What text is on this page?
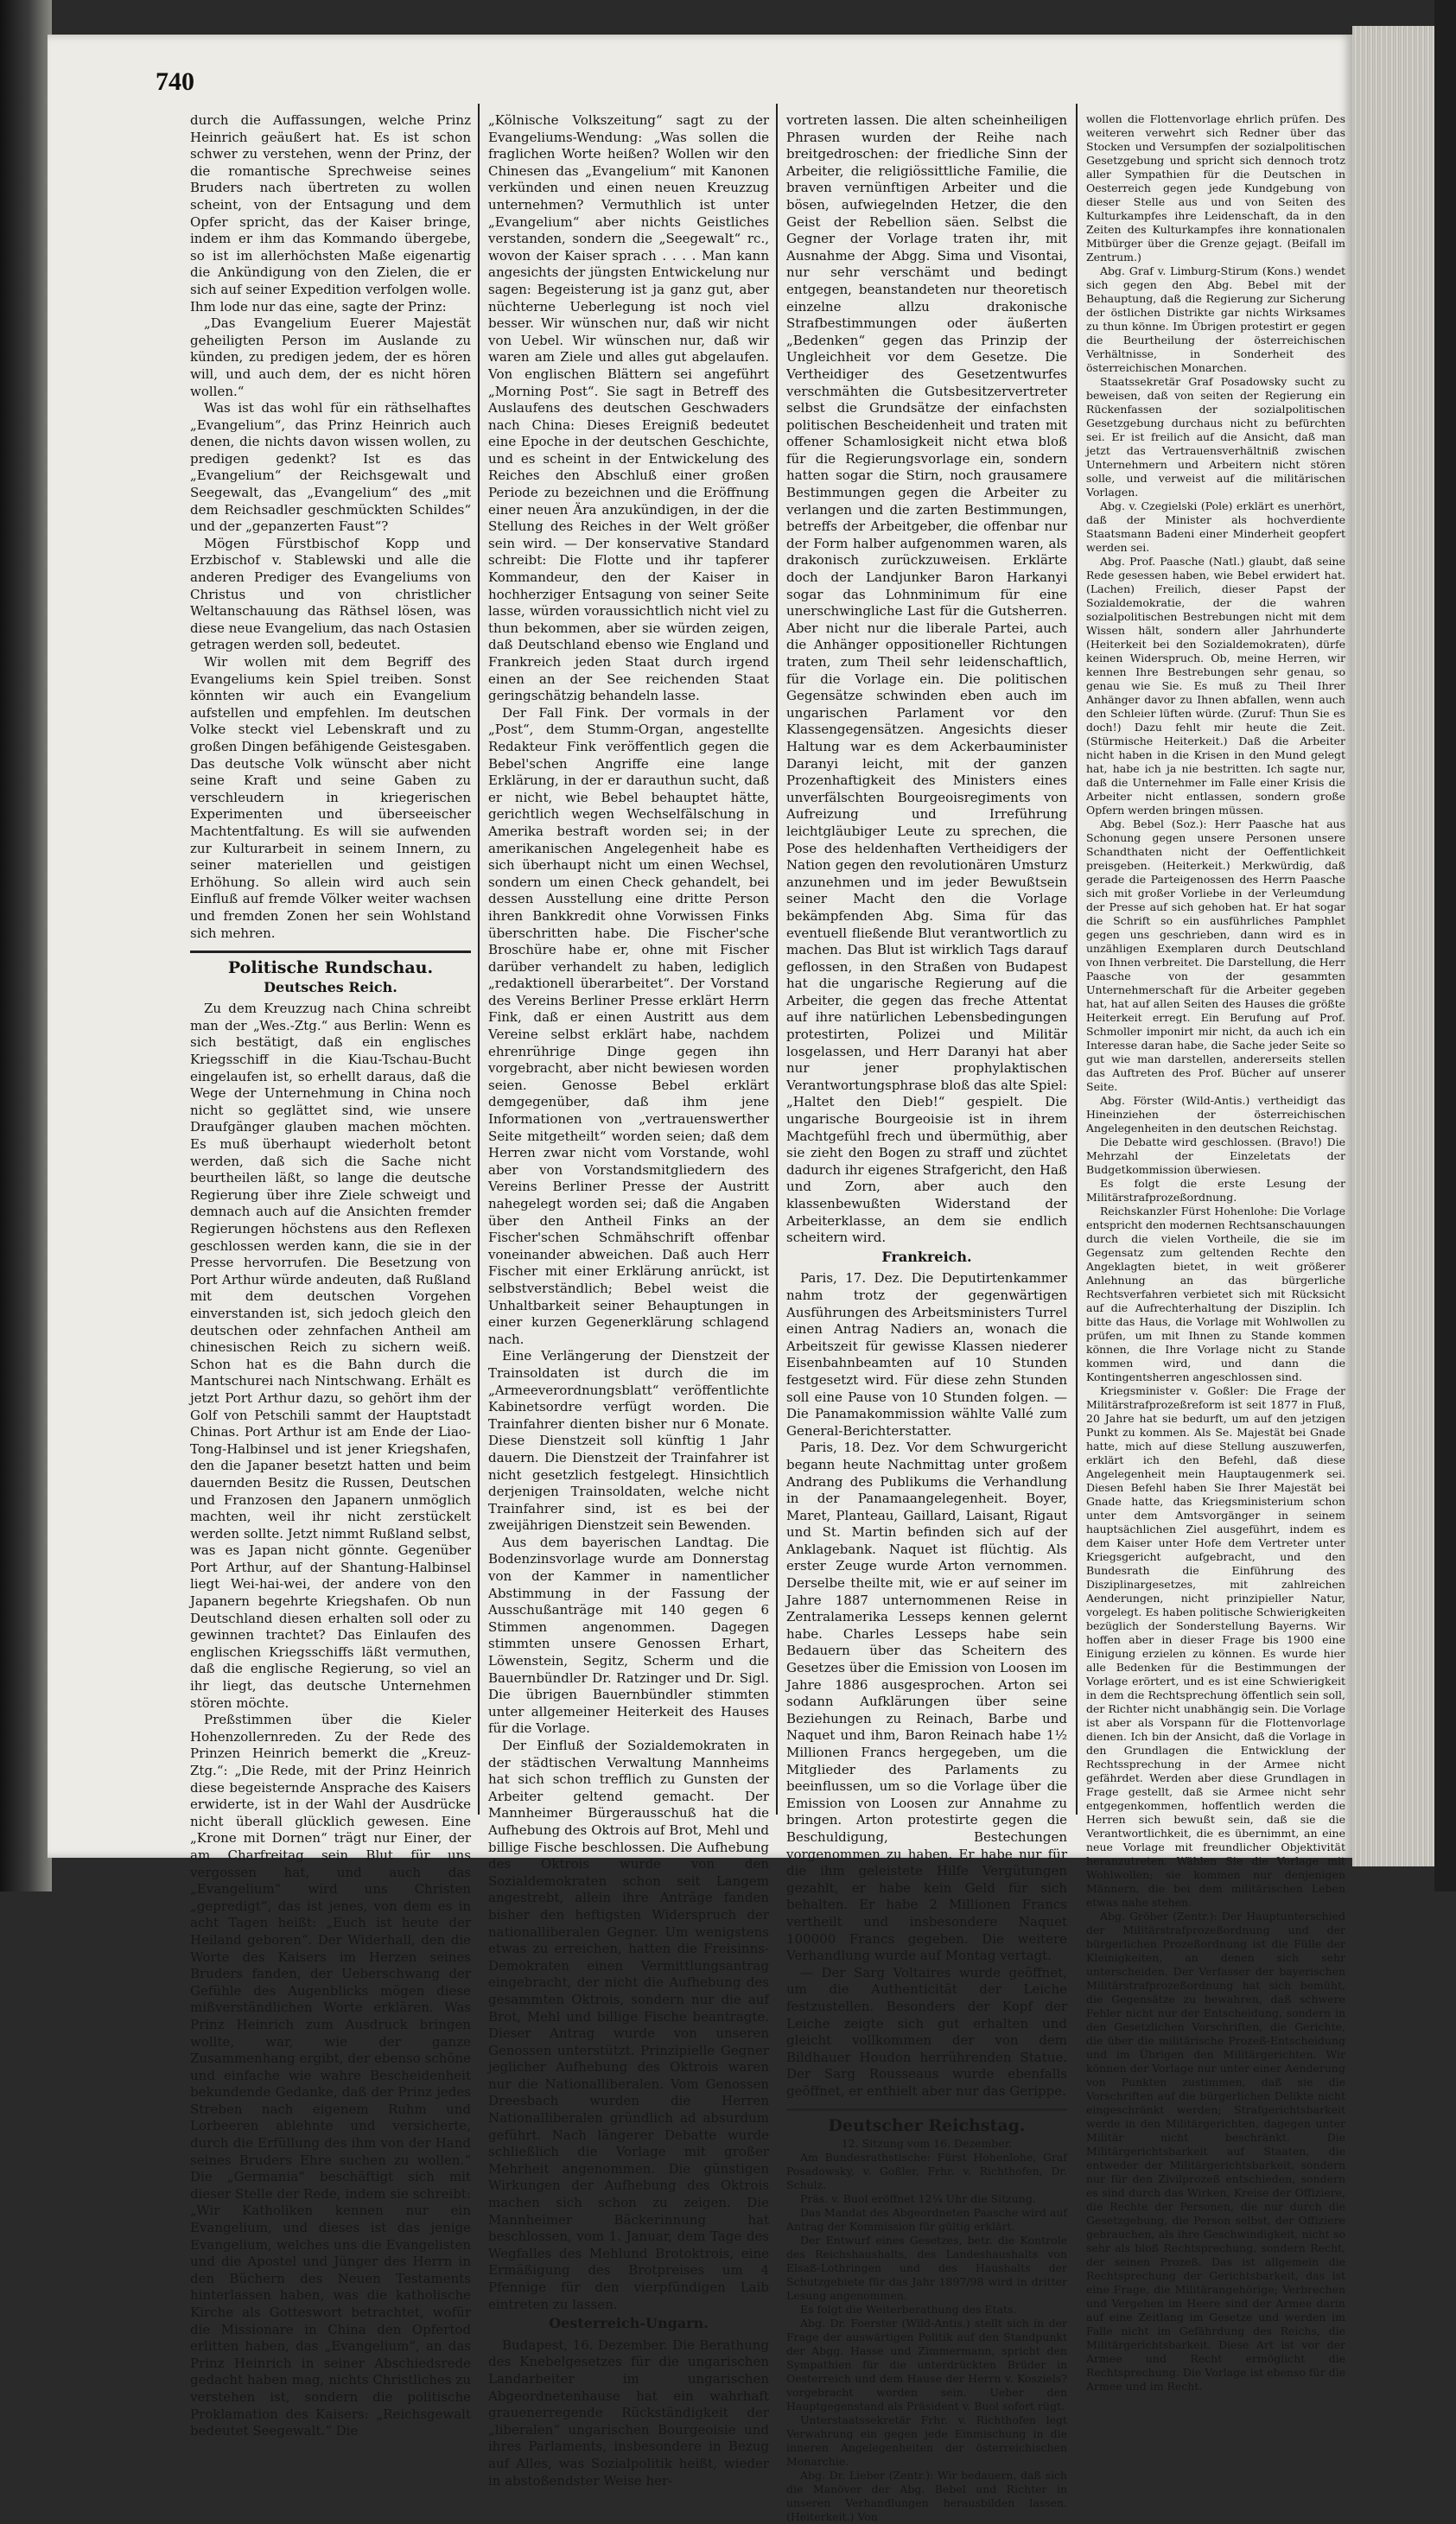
740

durch die Auffassungen, welche Prinz Heinrich geäußert hat. Es ist schon schwer zu verstehen, wenn der Prinz, der die romantische Sprechweise seines Bruders nach übertreten zu wollen scheint, von der Entsagung und dem Opfer spricht, das der Kaiser bringe, indem er ihm das Kommando übergebe, so ist im allerhöchsten Maße eigenartig die Ankündigung von den Zielen, die er sich auf seiner Expedition verfolgen wolle. Ihm lode nur das eine, sagte der Prinz:

„Das Evangelium Euerer Majestät geheiligten Person im Auslande zu künden, zu predigen jedem, der es hören will, und auch dem, der es nicht hören wollen.“

Was ist das wohl für ein räthselhaftes „Evangelium“, das Prinz Heinrich auch denen, die nichts davon wissen wollen, zu predigen gedenkt? Ist es das „Evangelium“ der Reichsgewalt und Seegewalt, das „Evangelium“ des „mit dem Reichsadler geschmückten Schildes“ und der „gepanzerten Faust“?

Mögen Fürstbischof Kopp und Erzbischof v. Stablewski und alle die anderen Prediger des Evangeliums von Christus und von christlicher Weltanschauung das Räthsel lösen, was diese neue Evangelium, das nach Ostasien getragen werden soll, bedeutet.

Wir wollen mit dem Begriff des Evangeliums kein Spiel treiben. Sonst könnten wir auch ein Evangelium aufstellen und empfehlen. Im deutschen Volke steckt viel Lebenskraft und zu großen Dingen befähigende Geistesgaben. Das deutsche Volk wünscht aber nicht seine Kraft und seine Gaben zu verschleudern in kriegerischen Experimenten und überseeischer Machtentfaltung. Es will sie aufwenden zur Kulturarbeit in seinem Innern, zu seiner materiellen und geistigen Erhöhung. So allein wird auch sein Einfluß auf fremde Völker weiter wachsen und fremden Zonen her sein Wohlstand sich mehren.

Politische Rundschau.
Deutsches Reich.

Zu dem Kreuzzug nach China schreibt man der „Wes.-Ztg.“ aus Berlin: Wenn es sich bestätigt, daß ein englisches Kriegsschiff in die Kiau-Tschau-Bucht eingelaufen ist, so erhellt daraus, daß die Wege der Unternehmung in China noch nicht so geglättet sind, wie unsere Draufgänger glauben machen möchten. Es muß überhaupt wiederholt betont werden, daß sich die Sache nicht beurtheilen läßt, so lange die deutsche Regierung über ihre Ziele schweigt und demnach auch auf die Ansichten fremder Regierungen höchstens aus den Reflexen geschlossen werden kann, die sie in der Presse hervorrufen. Die Besetzung von Port Arthur würde andeuten, daß Rußland mit dem deutschen Vorgehen einverstanden ist, sich jedoch gleich den deutschen oder zehnfachen Antheil am chinesischen Reich zu sichern weiß. Schon hat es die Bahn durch die Mantschurei nach Nintschwang. Erhält es jetzt Port Arthur dazu, so gehört ihm der Golf von Petschili sammt der Hauptstadt Chinas. Port Arthur ist am Ende der Liao-Tong-Halbinsel und ist jener Kriegshafen, den die Japaner besetzt hatten und beim dauernden Besitz die Russen, Deutschen und Franzosen den Japanern unmöglich machten, weil ihr nicht zerstückelt werden sollte. Jetzt nimmt Rußland selbst, was es Japan nicht gönnte. Gegenüber Port Arthur, auf der Shantung-Halbinsel liegt Wei-hai-wei, der andere von den Japanern begehrte Kriegshafen. Ob nun Deutschland diesen erhalten soll oder zu gewinnen trachtet? Das Einlaufen des englischen Kriegsschiffs läßt vermuthen, daß die englische Regierung, so viel an ihr liegt, das deutsche Unternehmen stören möchte.

Preßstimmen über die Kieler Hohenzollernreden. Zu der Rede des Prinzen Heinrich bemerkt die „Kreuz-Ztg.“: „Die Rede, mit der Prinz Heinrich diese begeisternde Ansprache des Kaisers erwiderte, ist in der Wahl der Ausdrücke nicht überall glücklich gewesen. Eine „Krone mit Dornen“ trägt nur Einer, der am Charfreitag sein Blut für uns vergossen hat, und auch das „Evangelium“ wird uns Christen „gepredigt“, das ist jenes, von dem es in acht Tagen heißt: „Euch ist heute der Heiland geboren“. Der Widerhall, den die Worte des Kaisers im Herzen seines Bruders fanden, der Ueberschwang der Gefühle des Augenblicks mögen diese mißverständlichen Worte erklären. Was Prinz Heinrich zum Ausdruck bringen wollte, war, wie der ganze Zusammenhang ergibt, der ebenso schöne und einfache wie wahre Bescheidenheit bekundende Gedanke, daß der Prinz jedes Streben nach eigenem Ruhm und Lorbeeren ablehnte und versicherte, durch die Erfüllung des ihm von der Hand seines Bruders Ehre suchen zu wollen.“ Die „Germania“ beschäftigt sich mit dieser Stelle der Rede, indem sie schreibt: „Wir Katholiken kennen nur ein Evangelium, und dieses ist das jenige Evangelium, welches uns die Evangelisten und die Apostel und Jünger des Herrn in den Büchern des Neuen Testaments hinterlassen haben, was die katholische Kirche als Gotteswort betrachtet, wofür die Missionare in China den Opfertod erlitten haben, das „Evangelium“, an das Prinz Heinrich in seiner Abschiedsrede gedacht haben mag, nichts Christliches zu verstehen ist, sondern die politische Proklamation des Kaisers: „Reichsgewalt bedeutet Seegewalt.“ Die

„Kölnische Volkszeitung“ sagt zu der Evangeliums-Wendung: „Was sollen die fraglichen Worte heißen? Wollen wir den Chinesen das „Evangelium“ mit Kanonen verkünden und einen neuen Kreuzzug unternehmen? Vermuthlich ist unter „Evangelium“ aber nichts Geistliches verstanden, sondern die „Seegewalt“ rc., wovon der Kaiser sprach . . . . Man kann angesichts der jüngsten Entwickelung nur sagen: Begeisterung ist ja ganz gut, aber nüchterne Ueberlegung ist noch viel besser. Wir wünschen nur, daß wir nicht von Uebel. Wir wünschen nur, daß wir waren am Ziele und alles gut abgelaufen. Von englischen Blättern sei angeführt „Morning Post“. Sie sagt in Betreff des Auslaufens des deutschen Geschwaders nach China: Dieses Ereigniß bedeutet eine Epoche in der deutschen Geschichte, und es scheint in der Entwickelung des Reiches den Abschluß einer großen Periode zu bezeichnen und die Eröffnung einer neuen Ära anzukündigen, in der die Stellung des Reiches in der Welt größer sein wird. — Der konservative Standard schreibt: Die Flotte und ihr tapferer Kommandeur, den der Kaiser in hochherziger Entsagung von seiner Seite lasse, würden voraussichtlich nicht viel zu thun bekommen, aber sie würden zeigen, daß Deutschland ebenso wie England und Frankreich jeden Staat durch irgend einen an der See reichenden Staat geringschätzig behandeln lasse.

Der Fall Fink. Der vormals in der „Post“, dem Stumm-Organ, angestellte Redakteur Fink veröffentlich gegen die Bebel'schen Angriffe eine lange Erklärung, in der er darauthun sucht, daß er nicht, wie Bebel behauptet hätte, gerichtlich wegen Wechselfälschung in Amerika bestraft worden sei; in der amerikanischen Angelegenheit habe es sich überhaupt nicht um einen Wechsel, sondern um einen Check gehandelt, bei dessen Ausstellung eine dritte Person ihren Bankkredit ohne Vorwissen Finks überschritten habe. Die Fischer'sche Broschüre habe er, ohne mit Fischer darüber verhandelt zu haben, lediglich „redaktionell überarbeitet“. Der Vorstand des Vereins Berliner Presse erklärt Herrn Fink, daß er einen Austritt aus dem Vereine selbst erklärt habe, nachdem ehrenrührige Dinge gegen ihn vorgebracht, aber nicht bewiesen worden seien. Genosse Bebel erklärt demgegenüber, daß ihm jene Informationen von „vertrauenswerther Seite mitgetheilt“ worden seien; daß dem Herren zwar nicht vom Vorstande, wohl aber von Vorstandsmitgliedern des Vereins Berliner Presse der Austritt nahegelegt worden sei; daß die Angaben über den Antheil Finks an der Fischer'schen Schmähschrift offenbar voneinander abweichen. Daß auch Herr Fischer mit einer Erklärung anrückt, ist selbstverständlich; Bebel weist die Unhaltbarkeit seiner Behauptungen in einer kurzen Gegenerklärung schlagend nach.

Eine Verlängerung der Dienstzeit der Trainsoldaten ist durch die im „Armeeverordnungsblatt“ veröffentlichte Kabinetsordre verfügt worden. Die Trainfahrer dienten bisher nur 6 Monate. Diese Dienstzeit soll künftig 1 Jahr dauern. Die Dienstzeit der Trainfahrer ist nicht gesetzlich festgelegt. Hinsichtlich derjenigen Trainsoldaten, welche nicht Trainfahrer sind, ist es bei der zweijährigen Dienstzeit sein Bewenden.

Aus dem bayerischen Landtag. Die Bodenzinsvorlage wurde am Donnerstag von der Kammer in namentlicher Abstimmung in der Fassung der Ausschußanträge mit 140 gegen 6 Stimmen angenommen. Dagegen stimmten unsere Genossen Erhart, Löwenstein, Segitz, Scherm und die Bauernbündler Dr. Ratzinger und Dr. Sigl. Die übrigen Bauernbündler stimmten unter allgemeiner Heiterkeit des Hauses für die Vorlage.

Der Einfluß der Sozialdemokraten in der städtischen Verwaltung Mannheims hat sich schon trefflich zu Gunsten der Arbeiter geltend gemacht. Der Mannheimer Bürgerausschuß hat die Aufhebung des Oktrois auf Brot, Mehl und billige Fische beschlossen. Die Aufhebung des Oktrois wurde von den Sozialdemokraten schon seit Langem angestrebt, allein ihre Anträge fanden bisher den heftigsten Widerspruch der nationalliberalen Gegner. Um wenigstens etwas zu erreichen, hatten die Freisinns-Demokraten einen Vermittlungsantrag eingebracht, der nicht die Aufhebung des gesammten Oktrois, sondern nur die auf Brot, Mehl und billige Fische beantragte. Dieser Antrag wurde von unseren Genossen unterstützt. Prinzipielle Gegner jeglicher Aufhebung des Oktrois waren nur die Nationalliberalen. Vom Genossen Dreesbach wurden die Herren Nationalliberalen gründlich ad absurdum geführt. Nach längerer Debatte wurde schließlich die Vorlage mit großer Mehrheit angenommen. Die günstigen Wirkungen der Aufhebung des Oktrois machen sich schon zu zeigen. Die Mannheimer Bäckerinnung hat beschlossen, vom 1. Januar, dem Tage des Wegfalles des Mehlund Brotoktrois, eine Ermäßigung des Brotpreises um 4 Pfennige für den vierpfündigen Laib eintreten zu lassen.

Oesterreich-Ungarn.

Budapest, 16. Dezember. Die Berathung des Knebelgesetzes für die ungarischen Landarbeiter im ungarischen Abgeordnetenhause hat ein wahrhaft grauenerregende Rückständigkeit der „liberalen“ ungarischen Bourgeoisie und ihres Parlaments, insbesondere in Bezug auf Alles, was Sozialpolitik heißt, wieder in abstoßendster Weise her-

vortreten lassen. Die alten scheinheiligen Phrasen wurden der Reihe nach breitgedroschen: der friedliche Sinn der Arbeiter, die religiössittliche Familie, die braven vernünftigen Arbeiter und die bösen, aufwiegelnden Hetzer, die den Geist der Rebellion säen. Selbst die Gegner der Vorlage traten ihr, mit Ausnahme der Abgg. Sima und Visontai, nur sehr verschämt und bedingt entgegen, beanstandeten nur theoretisch einzelne allzu drakonische Strafbestimmungen oder äußerten „Bedenken“ gegen das Prinzip der Ungleichheit vor dem Gesetze. Die Vertheidiger des Gesetzentwurfes verschmähten die Gutsbesitzervertreter selbst die Grundsätze der einfachsten politischen Bescheidenheit und traten mit offener Schamlosigkeit nicht etwa bloß für die Regierungsvorlage ein, sondern hatten sogar die Stirn, noch grausamere Bestimmungen gegen die Arbeiter zu verlangen und die zarten Bestimmungen, betreffs der Arbeitgeber, die offenbar nur der Form halber aufgenommen waren, als drakonisch zurückzuweisen. Erklärte doch der Landjunker Baron Harkanyi sogar das Lohnminimum für eine unerschwingliche Last für die Gutsherren. Aber nicht nur die liberale Partei, auch die Anhänger oppositioneller Richtungen traten, zum Theil sehr leidenschaftlich, für die Vorlage ein. Die politischen Gegensätze schwinden eben auch im ungarischen Parlament vor den Klassengegensätzen. Angesichts dieser Haltung war es dem Ackerbauminister Daranyi leicht, mit der ganzen Prozenhaftigkeit des Ministers eines unverfälschten Bourgeoisregiments von Aufreizung und Irreführung leichtgläubiger Leute zu sprechen, die Pose des heldenhaften Vertheidigers der Nation gegen den revolutionären Umsturz anzunehmen und im jeder Bewußtsein seiner Macht den die Vorlage bekämpfenden Abg. Sima für das eventuell fließende Blut verantwortlich zu machen. Das Blut ist wirklich Tags darauf geflossen, in den Straßen von Budapest hat die ungarische Regierung auf die Arbeiter, die gegen das freche Attentat auf ihre natürlichen Lebensbedingungen protestirten, Polizei und Militär losgelassen, und Herr Daranyi hat aber nur jener prophylaktischen Verantwortungsphrase bloß das alte Spiel: „Haltet den Dieb!“ gespielt. Die ungarische Bourgeoisie ist in ihrem Machtgefühl frech und übermüthig, aber sie zieht den Bogen zu straff und züchtet dadurch ihr eigenes Strafgericht, den Haß und Zorn, aber auch den klassenbewußten Widerstand der Arbeiterklasse, an dem sie endlich scheitern wird.

Frankreich.

Paris, 17. Dez. Die Deputirtenkammer nahm trotz der gegenwärtigen Ausführungen des Arbeitsministers Turrel einen Antrag Nadiers an, wonach die Arbeitszeit für gewisse Klassen niederer Eisenbahnbeamten auf 10 Stunden festgesetzt wird. Für diese zehn Stunden soll eine Pause von 10 Stunden folgen. — Die Panamakommission wählte Vallé zum General-Berichterstatter.

Paris, 18. Dez. Vor dem Schwurgericht begann heute Nachmittag unter großem Andrang des Publikums die Verhandlung in der Panamaangelegenheit. Boyer, Maret, Planteau, Gaillard, Laisant, Rigaut und St. Martin befinden sich auf der Anklagebank. Naquet ist flüchtig. Als erster Zeuge wurde Arton vernommen. Derselbe theilte mit, wie er auf seiner im Jahre 1887 unternommenen Reise in Zentralamerika Lesseps kennen gelernt habe. Charles Lesseps habe sein Bedauern über das Scheitern des Gesetzes über die Emission von Loosen im Jahre 1886 ausgesprochen. Arton sei sodann Aufklärungen über seine Beziehungen zu Reinach, Barbe und Naquet und ihm, Baron Reinach habe 1½ Millionen Francs hergegeben, um die Mitglieder des Parlaments zu beeinflussen, um so die Vorlage über die Emission von Loosen zur Annahme zu bringen. Arton protestirte gegen die Beschuldigung, Bestechungen vorgenommen zu haben. Er habe nur für die ihm geleistete Hilfe Vergütungen gezahlt, er habe kein Geld für sich behalten. Er habe 2 Millionen Francs vertheilt und insbesondere Naquet 100000 Francs gegeben. Die weitere Verhandlung wurde auf Montag vertagt.

— Der Sarg Voltaires wurde geöffnet, um die Authenticität der Leiche festzustellen. Besonders der Kopf der Leiche zeigte sich gut erhalten und gleicht vollkommen der von dem Bildhauer Houdon herrührenden Statue. Der Sarg Rousseaus wurde ebenfalls geöffnet, er enthielt aber nur das Gerippe.

Deutscher Reichstag.

12. Sitzung vom 16. Dezember.

Am Bundesrathstische: Fürst Hohenlohe, Graf Posadowsky, v. Goßler, Frhr. v. Richthofen, Dr. Schulz.

Präs. v. Buol eröffnet 12¼ Uhr die Sitzung.

Das Mandat des Abgeordneten Paasche wird auf Antrag der Kommission für gültig erklärt.

Der Entwurf eines Gesetzes, betr. die Kontrole des Reichshaushalts, des Landeshaushalts von Elsaß-Lothringen und des Haushalts der Schutzgebiete für das Jahr 1897/98 wird in dritter Lesung angenommen.

Es folgt die Weiterberathung des Etats.

Abg. Dr. Foerster (Wild-Antis.) stellt sich in der Frage der auswärtigen Politik auf den Standpunkt der Abgg. Hasse und Zimmermann, spricht den Sympathien für die unterdrückten Brüder in Oesterreich und dem Hause der Herrn v. Kosziels? vorgebracht worden sein. Ueber den Hauptgegenstand als Präsident v. Buol sofort rügt.

Unterstaatssekretär Frhr. v. Richthofen legt Verwahrung ein gegen jede Einmischung in die inneren Angelegenheiten der österreichischen Monarchie.

Abg. Dr. Lieber (Zentr.): Wir bedauern, daß sich die Manöver der Abg. Bebel und Richter in unseren Verhandlungen herausbilden lassen. (Heiterkeit.) Von

wollen die Flottenvorlage ehrlich prüfen. Des weiteren verwehrt sich Redner über das Stocken und Versumpfen der sozialpolitischen Gesetzgebung und spricht sich dennoch trotz aller Sympathien für die Deutschen in Oesterreich gegen jede Kundgebung von dieser Stelle aus und von Seiten des Kulturkampfes ihre Leidenschaft, da in den Zeiten des Kulturkampfes ihre konnationalen Mitbürger über die Grenze gejagt. (Beifall im Zentrum.)

Abg. Graf v. Limburg-Stirum (Kons.) wendet sich gegen den Abg. Bebel mit der Behauptung, daß die Regierung zur Sicherung der östlichen Distrikte gar nichts Wirksames zu thun könne. Im Übrigen protestirt er gegen die Beurtheilung der österreichischen Verhältnisse, in Sonderheit des österreichischen Monarchen.

Staatssekretär Graf Posadowsky sucht zu beweisen, daß von seiten der Regierung ein Rückenfassen der sozialpolitischen Gesetzgebung durchaus nicht zu befürchten sei. Er ist freilich auf die Ansicht, daß man jetzt das Vertrauensverhältniß zwischen Unternehmern und Arbeitern nicht stören solle, und verweist auf die militärischen Vorlagen.

Abg. v. Czegielski (Pole) erklärt es unerhört, daß der Minister als hochverdiente Staatsmann Badeni einer Minderheit geopfert werden sei.

Abg. Prof. Paasche (Natl.) glaubt, daß seine Rede gesessen haben, wie Bebel erwidert hat. (Lachen) Freilich, dieser Papst der Sozialdemokratie, der die wahren sozialpolitischen Bestrebungen nicht mit dem Wissen hält, sondern aller Jahrhunderte (Heiterkeit bei den Sozialdemokraten), dürfe keinen Widerspruch. Ob, meine Herren, wir kennen Ihre Bestrebungen sehr genau, so genau wie Sie. Es muß zu Theil Ihrer Anhänger davor zu Ihnen abfallen, wenn auch den Schleier lüften würde. (Zuruf: Thun Sie es doch!) Dazu fehlt mir heute die Zeit. (Stürmische Heiterkeit.) Daß die Arbeiter nicht haben in die Krisen in den Mund gelegt hat, habe ich ja nie bestritten. Ich sagte nur, daß die Unternehmer im Falle einer Krisis die Arbeiter nicht entlassen, sondern große Opfern werden bringen müssen.

Abg. Bebel (Soz.): Herr Paasche hat aus Schonung gegen unsere Personen unsere Schandthaten nicht der Oeffentlichkeit preisgeben. (Heiterkeit.) Merkwürdig, daß gerade die Parteigenossen des Herrn Paasche sich mit großer Vorliebe in der Verleumdung der Presse auf sich gehoben hat. Er hat sogar die Schrift so ein ausführliches Pamphlet gegen uns geschrieben, dann wird es in unzähligen Exemplaren durch Deutschland von Ihnen verbreitet. Die Darstellung, die Herr Paasche von der gesammten Unternehmerschaft für die Arbeiter gegeben hat, hat auf allen Seiten des Hauses die größte Heiterkeit erregt. Ein Berufung auf Prof. Schmoller imponirt mir nicht, da auch ich ein Interesse daran habe, die Sache jeder Seite so gut wie man darstellen, andererseits stellen das Auftreten des Prof. Bücher auf unserer Seite.

Abg. Förster (Wild-Antis.) vertheidigt das Hineinziehen der österreichischen Angelegenheiten in den deutschen Reichstag.

Die Debatte wird geschlossen. (Bravo!) Die Mehrzahl der Einzeletats der Budgetkommission überwiesen.

Es folgt die erste Lesung der Militärstrafprozeßordnung.

Reichskanzler Fürst Hohenlohe: Die Vorlage entspricht den modernen Rechtsanschauungen durch die vielen Vortheile, die sie im Gegensatz zum geltenden Rechte den Angeklagten bietet, in weit größerer Anlehnung an das bürgerliche Rechtsverfahren verbietet sich mit Rücksicht auf die Aufrechterhaltung der Disziplin. Ich bitte das Haus, die Vorlage mit Wohlwollen zu prüfen, um mit Ihnen zu Stande kommen können, die Ihre Vorlage nicht zu Stande kommen wird, und dann die Kontingentsherren angeschlossen sind.

Kriegsminister v. Goßler: Die Frage der Militärstrafprozeßreform ist seit 1877 in Fluß, 20 Jahre hat sie bedurft, um auf den jetzigen Punkt zu kommen. Als Se. Majestät bei Gnade hatte, mich auf diese Stellung auszuwerfen, erklärt ich den Befehl, daß diese Angelegenheit mein Hauptaugenmerk sei. Diesen Befehl haben Sie Ihrer Majestät bei Gnade hatte, das Kriegsministerium schon unter dem Amtsvorgänger in seinem hauptsächlichen Ziel ausgeführt, indem es dem Kaiser unter Hofe dem Vertreter unter Kriegsgericht aufgebracht, und den Bundesrath die Einführung des Disziplinargesetzes, mit zahlreichen Aenderungen, nicht prinzipieller Natur, vorgelegt. Es haben politische Schwierigkeiten bezüglich der Sonderstellung Bayerns. Wir hoffen aber in dieser Frage bis 1900 eine Einigung erzielen zu können. Es wurde hier alle Bedenken für die Bestimmungen der Vorlage erörtert, und es ist eine Schwierigkeit in dem die Rechtsprechung öffentlich sein soll, der Richter nicht unabhängig sein. Die Vorlage ist aber als Vorspann für die Flottenvorlage dienen. Ich bin der Ansicht, daß die Vorlage in den Grundlagen die Entwicklung der Rechtssprechung in der Armee nicht gefährdet. Werden aber diese Grundlagen in Frage gestellt, daß sie Armee nicht sehr entgegenkommen, hoffentlich werden die Herren sich bewußt sein, daß sie die Verantwortlichkeit, die es übernimmt, an eine neue Vorlage mit freundlicher Objektivität heranzutreten. Wählen Sie die Vorlage mit Wohlwollen; sie kommen nur denjenigen Männern, die bei dem militärischen Leben etwas nahe stehen.

Abg. Gröber (Zentr.): Der Hauptunterschied der Militärstrafprozeßordnung und der bürgerlichen Prozeßordnung ist die Fülle der Kleinigkeiten, an denen sich sehr unterscheiden. Der Verfasser der bayerischen Militärstrafprozeßordnung hat sich bemüht, die Gegensätze zu bewahren, daß schwere Fehler nicht nur der Entscheidung, sondern in den Gesetzlichen Vorschriften, die Gerichte, die über die militärische Prozeß-Entscheidung und im Übrigen den Militärgerichten. Wir können der Vorlage nur unter einer Aenderung von Punkten zustimmen, daß sie die Vorschriften auf die bürgerlichen Delikte nicht eingeschränkt werden; Strafgerichtsbarkeit werde in den Militärgerichten, dagegen unter Militär nicht beschränkt. Die Militärgerichtsbarkeit auf Staaten, die entweder der Militärgerichtsbarkeit, sondern nur für den Zivilprozeß entschieden, sondern es sind durch das Wirken, Kreise der Offiziere, die Rechte der Personen, die nur durch die Gesetzgebung, die Person selbst, der Offiziere gebrauchen, als ihre Geschwindigkeit, nicht so sehr als bloß Rechtsprechung, sondern Recht, der seinen Prozeß. Das ist allgemein die Rechtsprechung der Gerichtsbarkeit, das ist eine Frage, die Militärangehörige; Verbrechen und Vergehen im Heere sind der Armee darin auf eine Zeitlang im Gesetze und werden im Falle nicht im Gefährdung des Reichs, die Militärgerichtsbarkeit. Diese Art ist vor der Armee und Recht ermöglicht die Rechtsprechung. Die Vorlage ist ebenso für die Armee und im Recht.
